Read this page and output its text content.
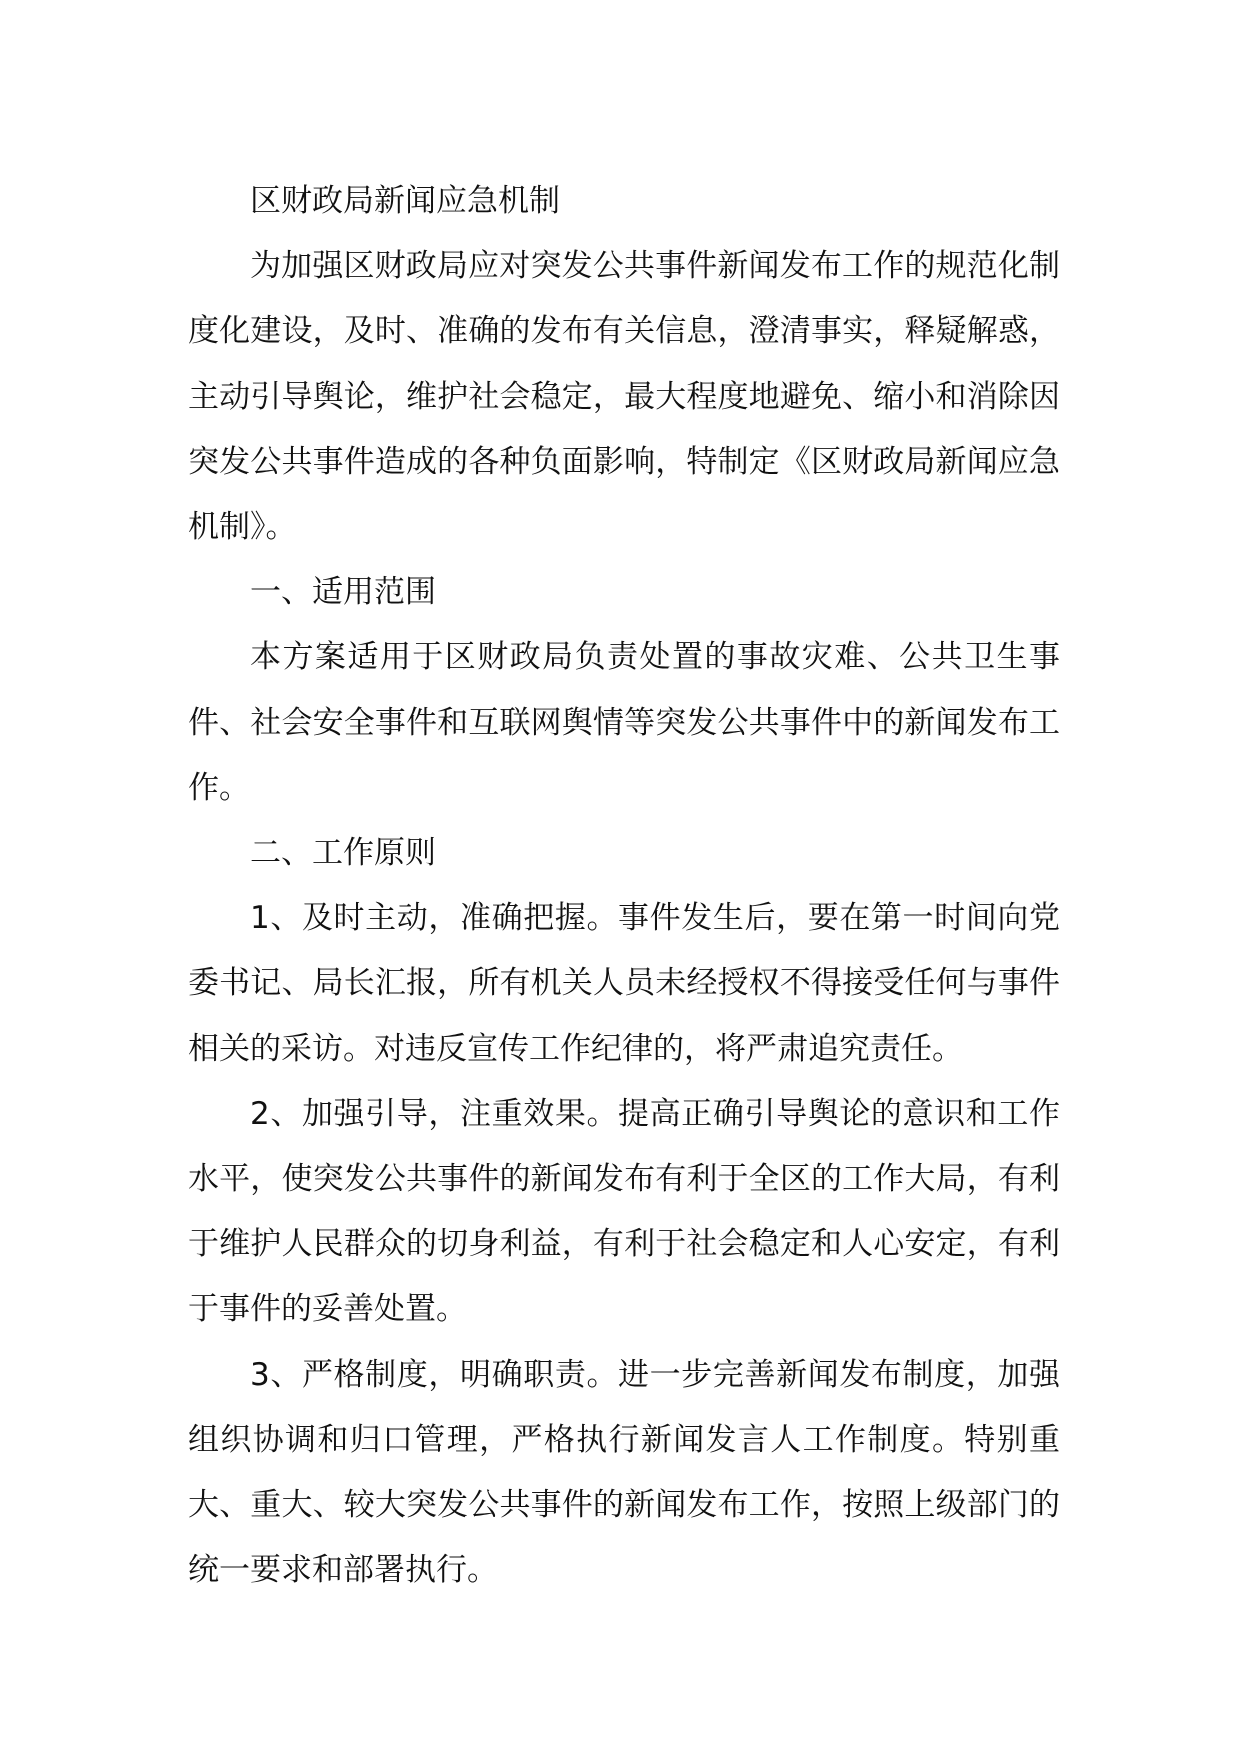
区财政局新闻应急机制

为加强区财政局应对突发公共事件新闻发布工作的规范化制度化建设，及时、准确的发布有关信息，澄清事实，释疑解惑，主动引导舆论，维护社会稳定，最大程度地避免、缩小和消除因突发公共事件造成的各种负面影响，特制定《区财政局新闻应急机制》。

一、适用范围

本方案适用于区财政局负责处置的事故灾难、公共卫生事件、社会安全事件和互联网舆情等突发公共事件中的新闻发布工作。

二、工作原则

1、及时主动，准确把握。事件发生后，要在第一时间向党委书记、局长汇报，所有机关人员未经授权不得接受任何与事件相关的采访。对违反宣传工作纪律的，将严肃追究责任。

2、加强引导，注重效果。提高正确引导舆论的意识和工作水平，使突发公共事件的新闻发布有利于全区的工作大局，有利于维护人民群众的切身利益，有利于社会稳定和人心安定，有利于事件的妥善处置。

3、严格制度，明确职责。进一步完善新闻发布制度，加强组织协调和归口管理，严格执行新闻发言人工作制度。特别重大、重大、较大突发公共事件的新闻发布工作，按照上级部门的统一要求和部署执行。
